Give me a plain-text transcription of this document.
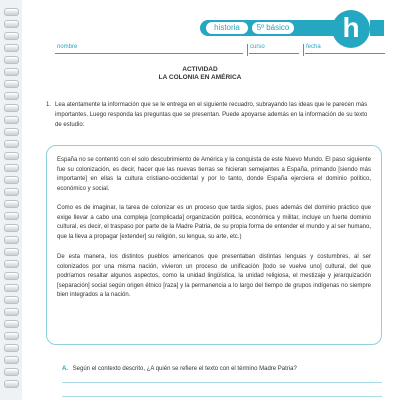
historia	5º básico	h
nombre	curso	fecha
ACTIVIDAD
LA COLONIA EN AMÉRICA
1. Lea atentamente la información que se le entrega en el siguiente recuadro, subrayando las ideas que le parecen más importantes. Luego responda las preguntas que se presentan. Puede apoyarse además en la información de su texto de estudio:

España no se contentó con el solo descubrimiento de América y la conquista de este Nuevo Mundo. El paso siguiente fue su colonización, es decir, hacer que las nuevas tierras se hicieran semejantes a España, primando [siendo más importante] en ellas la cultura cristiano-occidental y por lo tanto, donde España ejerciera el dominio político, económico y social.

Como es de imaginar, la tarea de colonizar es un proceso que tarda siglos, pues además del dominio práctico que exige llevar a cabo una compleja [complicada] organización política, económica y militar, incluye un fuerte dominio cultural, es decir, el traspaso por parte de la Madre Patria, de su propia forma de entender el mundo y al ser humano, que la lleva a propagar [extender] su religión, su lengua, su arte, etc.)

De esta manera, los distintos pueblos americanos que presentaban distintas lenguas y costumbres, al ser colonizados por una misma nación, vivieron un proceso de unificación [todo se vuelve uno] cultural, del que podríamos resaltar algunos aspectos, como la unidad lingüística, la unidad religiosa, el mestizaje y jerarquización [separación] social según origen étnico [raza] y la permanencia a lo largo del tiempo de grupos indígenas no siempre bien integrados a la nación.

A. Según el contexto descrito, ¿A quién se refiere el texto con el término Madre Patria?
